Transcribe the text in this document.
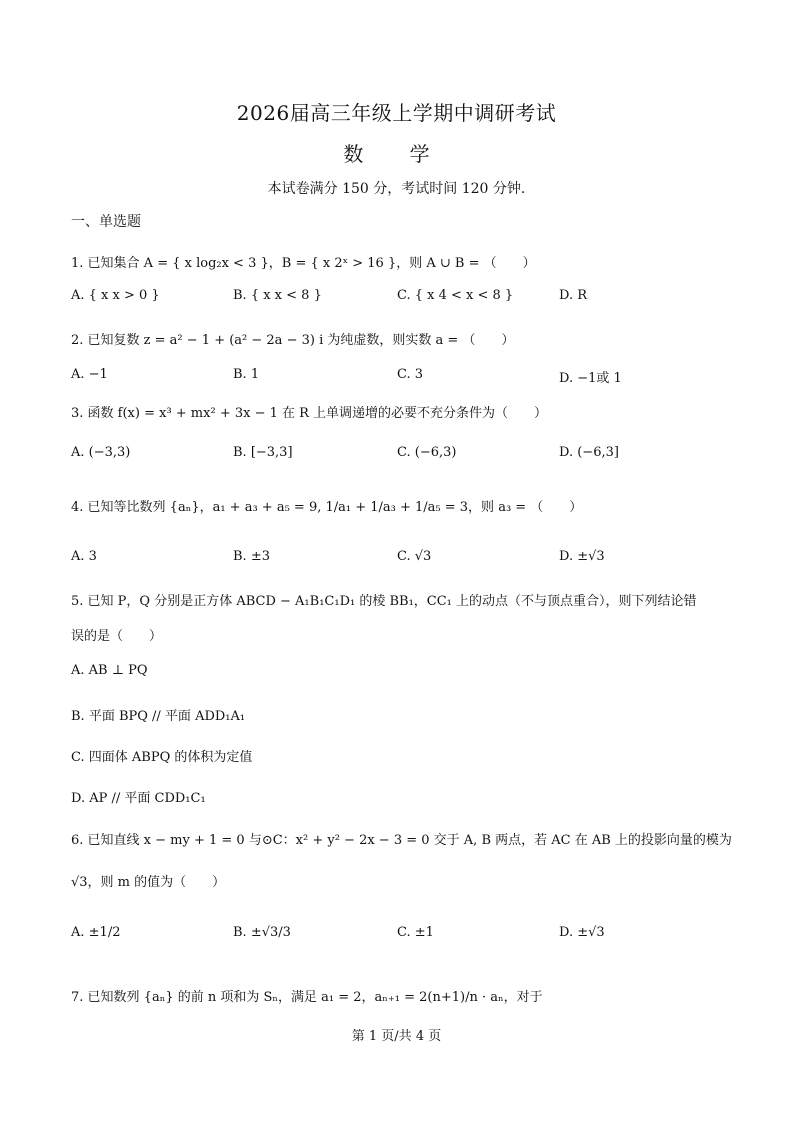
2026届高三年级上学期中调研考试
数 学
本试卷满分 150 分，考试时间 120 分钟.
一、单选题
1. 已知集合 A = { x log₂x < 3 }，B = { x 2ˣ > 16 }，则 A ∪ B = （　　）
A. { x x > 0 }	B. { x x < 8 }	C. { x 4 < x < 8 }	D. R
2. 已知复数 z = a² − 1 + (a² − 2a − 3) i 为纯虚数，则实数 a = （　　）
A. −1	B. 1	C. 3	D. −1或 1
3. 函数 f(x) = x³ + mx² + 3x − 1 在 R 上单调递增的必要不充分条件为（　　）
A. (−3,3)	B. [−3,3]	C. (−6,3)	D. (−6,3]
4. 已知等比数列 {aₙ}，a₁ + a₃ + a₅ = 9, 1/a₁ + 1/a₃ + 1/a₅ = 3，则 a₃ = （　　）
A. 3	B. ±3	C. √3	D. ±√3
5. 已知 P，Q 分别是正方体 ABCD − A₁B₁C₁D₁ 的棱 BB₁，CC₁ 上的动点（不与顶点重合），则下列结论错
误的是（　　）
A. AB ⊥ PQ
B. 平面 BPQ // 平面 ADD₁A₁
C. 四面体 ABPQ 的体积为定值
D. AP // 平面 CDD₁C₁
6. 已知直线 x − my + 1 = 0 与⊙C：x² + y² − 2x − 3 = 0 交于 A, B 两点，若 AC 在 AB 上的投影向量的模为
√3，则 m 的值为（　　）
A. ±1/2	B. ±√3/3	C. ±1	D. ±√3
7. 已知数列 {aₙ} 的前 n 项和为 Sₙ，满足 a₁ = 2，aₙ₊₁ = 2(n+1)/n · aₙ，对于
第 1 页/共 4 页
